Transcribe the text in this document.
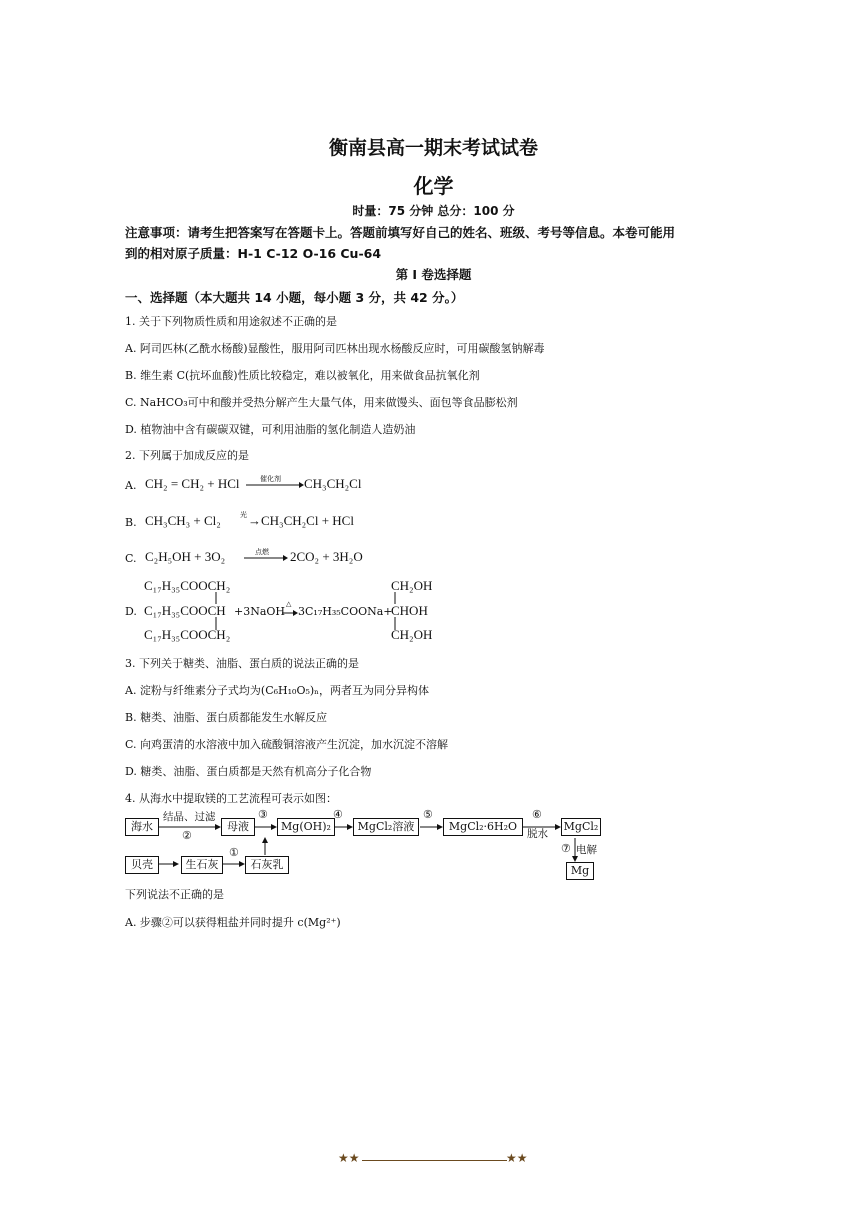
衡南县高一期末考试试卷
化学
时量：75 分钟 总分：100 分
注意事项：请考生把答案写在答题卡上。答题前填写好自己的姓名、班级、考号等信息。本卷可能用到的相对原子质量：H-1 C-12 O-16 Cu-64
第 I 卷选择题
一、选择题（本大题共 14 小题，每小题 3 分，共 42 分。）
1. 关于下列物质性质和用途叙述不正确的是
A. 阿司匹林(乙酰水杨酸)显酸性，服用阿司匹林出现水杨酸反应时，可用碳酸氢钠解毒
B. 维生素 C(抗坏血酸)性质比较稳定，难以被氧化，用来做食品抗氧化剂
C. NaHCO₃可中和酸并受热分解产生大量气体，用来做馒头、面包等食品膨松剂
D. 植物油中含有碳碳双键，可利用油脂的氢化制造人造奶油
2. 下列属于加成反应的是
A. CH₂ = CH₂ + HCl	催化剂 CH₃CH₂Cl
B. CH₃CH₃ + Cl₂	光 →CH₃CH₂Cl + HCl
C. C₂H₅OH + 3O₂	点燃 2CO₂ + 3H₂O
C₁₇H₃₅COOCH₂
D. C₁₇H₃₅COOCH
C₁₇H₃₅COOCH₂
+3NaOH
△
3C₁₇H₃₅COONa+
CH₂OH
CHOH
CH₂OH
3. 下列关于糖类、油脂、蛋白质的说法正确的是
A. 淀粉与纤维素分子式均为(C₆H₁₀O₅)ₙ，两者互为同分异构体
B. 糖类、油脂、蛋白质都能发生水解反应
C. 向鸡蛋清的水溶液中加入硫酸铜溶液产生沉淀，加水沉淀不溶解
D. 糖类、油脂、蛋白质都是天然有机高分子化合物
4. 从海水中提取镁的工艺流程可表示如图：
海水
结晶、过滤
②
母液
③
Mg(OH)₂
④
MgCl₂溶液
⑤
MgCl₂·6H₂O
⑥
脱水
MgCl₂
⑦ 电解
Mg
贝壳	生石灰
①
石灰乳
下列说法不正确的是
A. 步骤②可以获得粗盐并同时提升 c(Mg²⁺)
★★	★★
